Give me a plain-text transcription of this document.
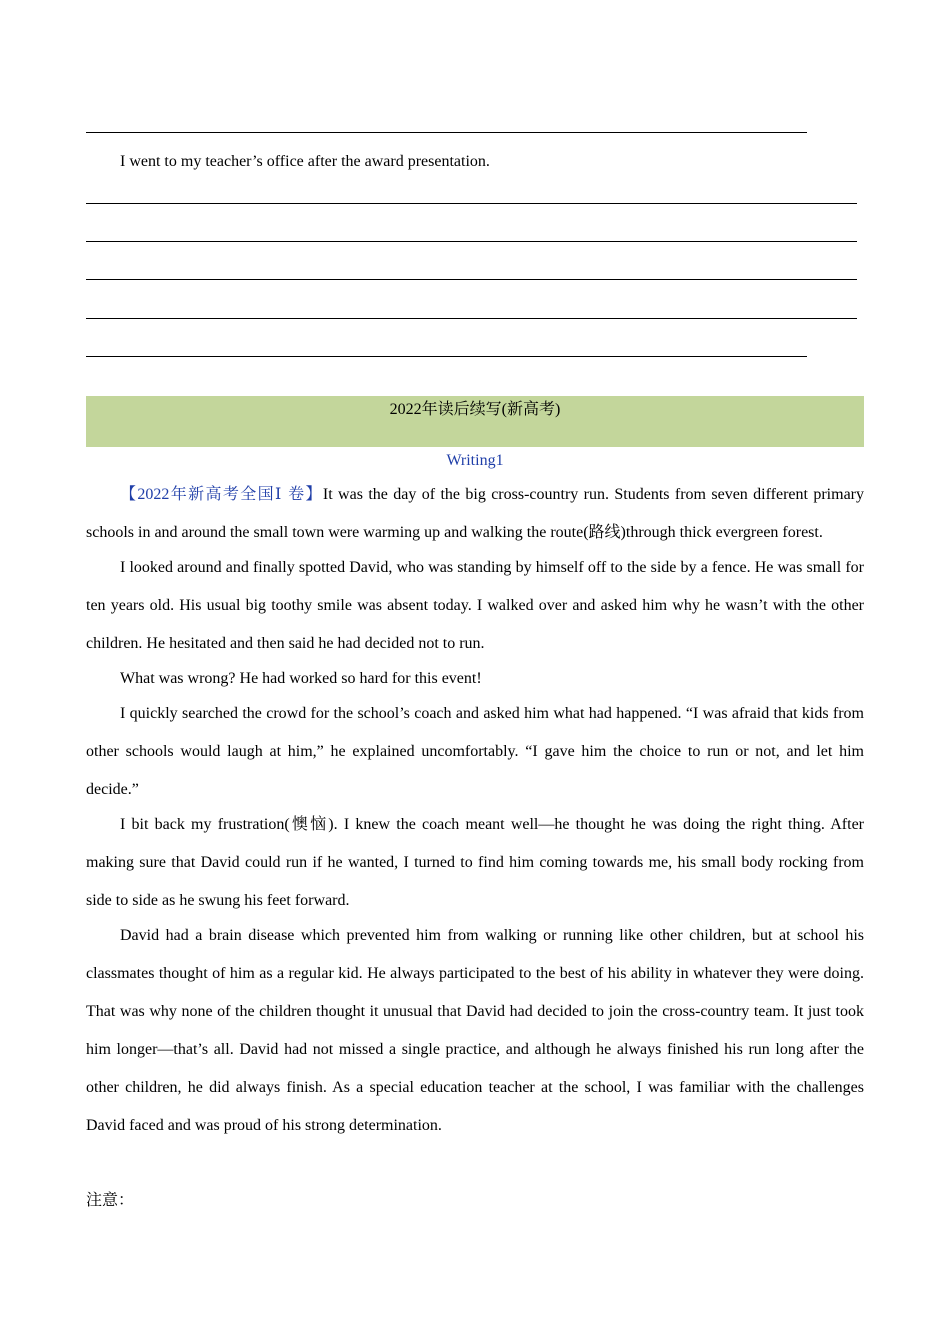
I went to my teacher’s office after the award presentation.
2022年读后续写(新高考)
Writing1

【2022年新高考全国Ⅰ 卷】It was the day of the big cross-country run. Students from seven different primary schools in and around the small town were warming up and walking the route(路线)through thick evergreen forest.

I looked around and finally spotted David, who was standing by himself off to the side by a fence. He was small for ten years old. His usual big toothy smile was absent today. I walked over and asked him why he wasn’t with the other children. He hesitated and then said he had decided not to run.

What was wrong? He had worked so hard for this event!

I quickly searched the crowd for the school’s coach and asked him what had happened. “I was afraid that kids from other schools would laugh at him,” he explained uncomfortably. “I gave him the choice to run or not, and let him decide.”

I bit back my frustration(懊恼). I knew the coach meant well—he thought he was doing the right thing. After making sure that David could run if he wanted, I turned to find him coming towards me, his small body rocking from side to side as he swung his feet forward.

David had a brain disease which prevented him from walking or running like other children, but at school his classmates thought of him as a regular kid. He always participated to the best of his ability in whatever they were doing. That was why none of the children thought it unusual that David had decided to join the cross-country team. It just took him longer—that’s all. David had not missed a single practice, and although he always finished his run long after the other children, he did always finish. As a special education teacher at the school, I was familiar with the challenges David faced and was proud of his strong determination.

注意：
